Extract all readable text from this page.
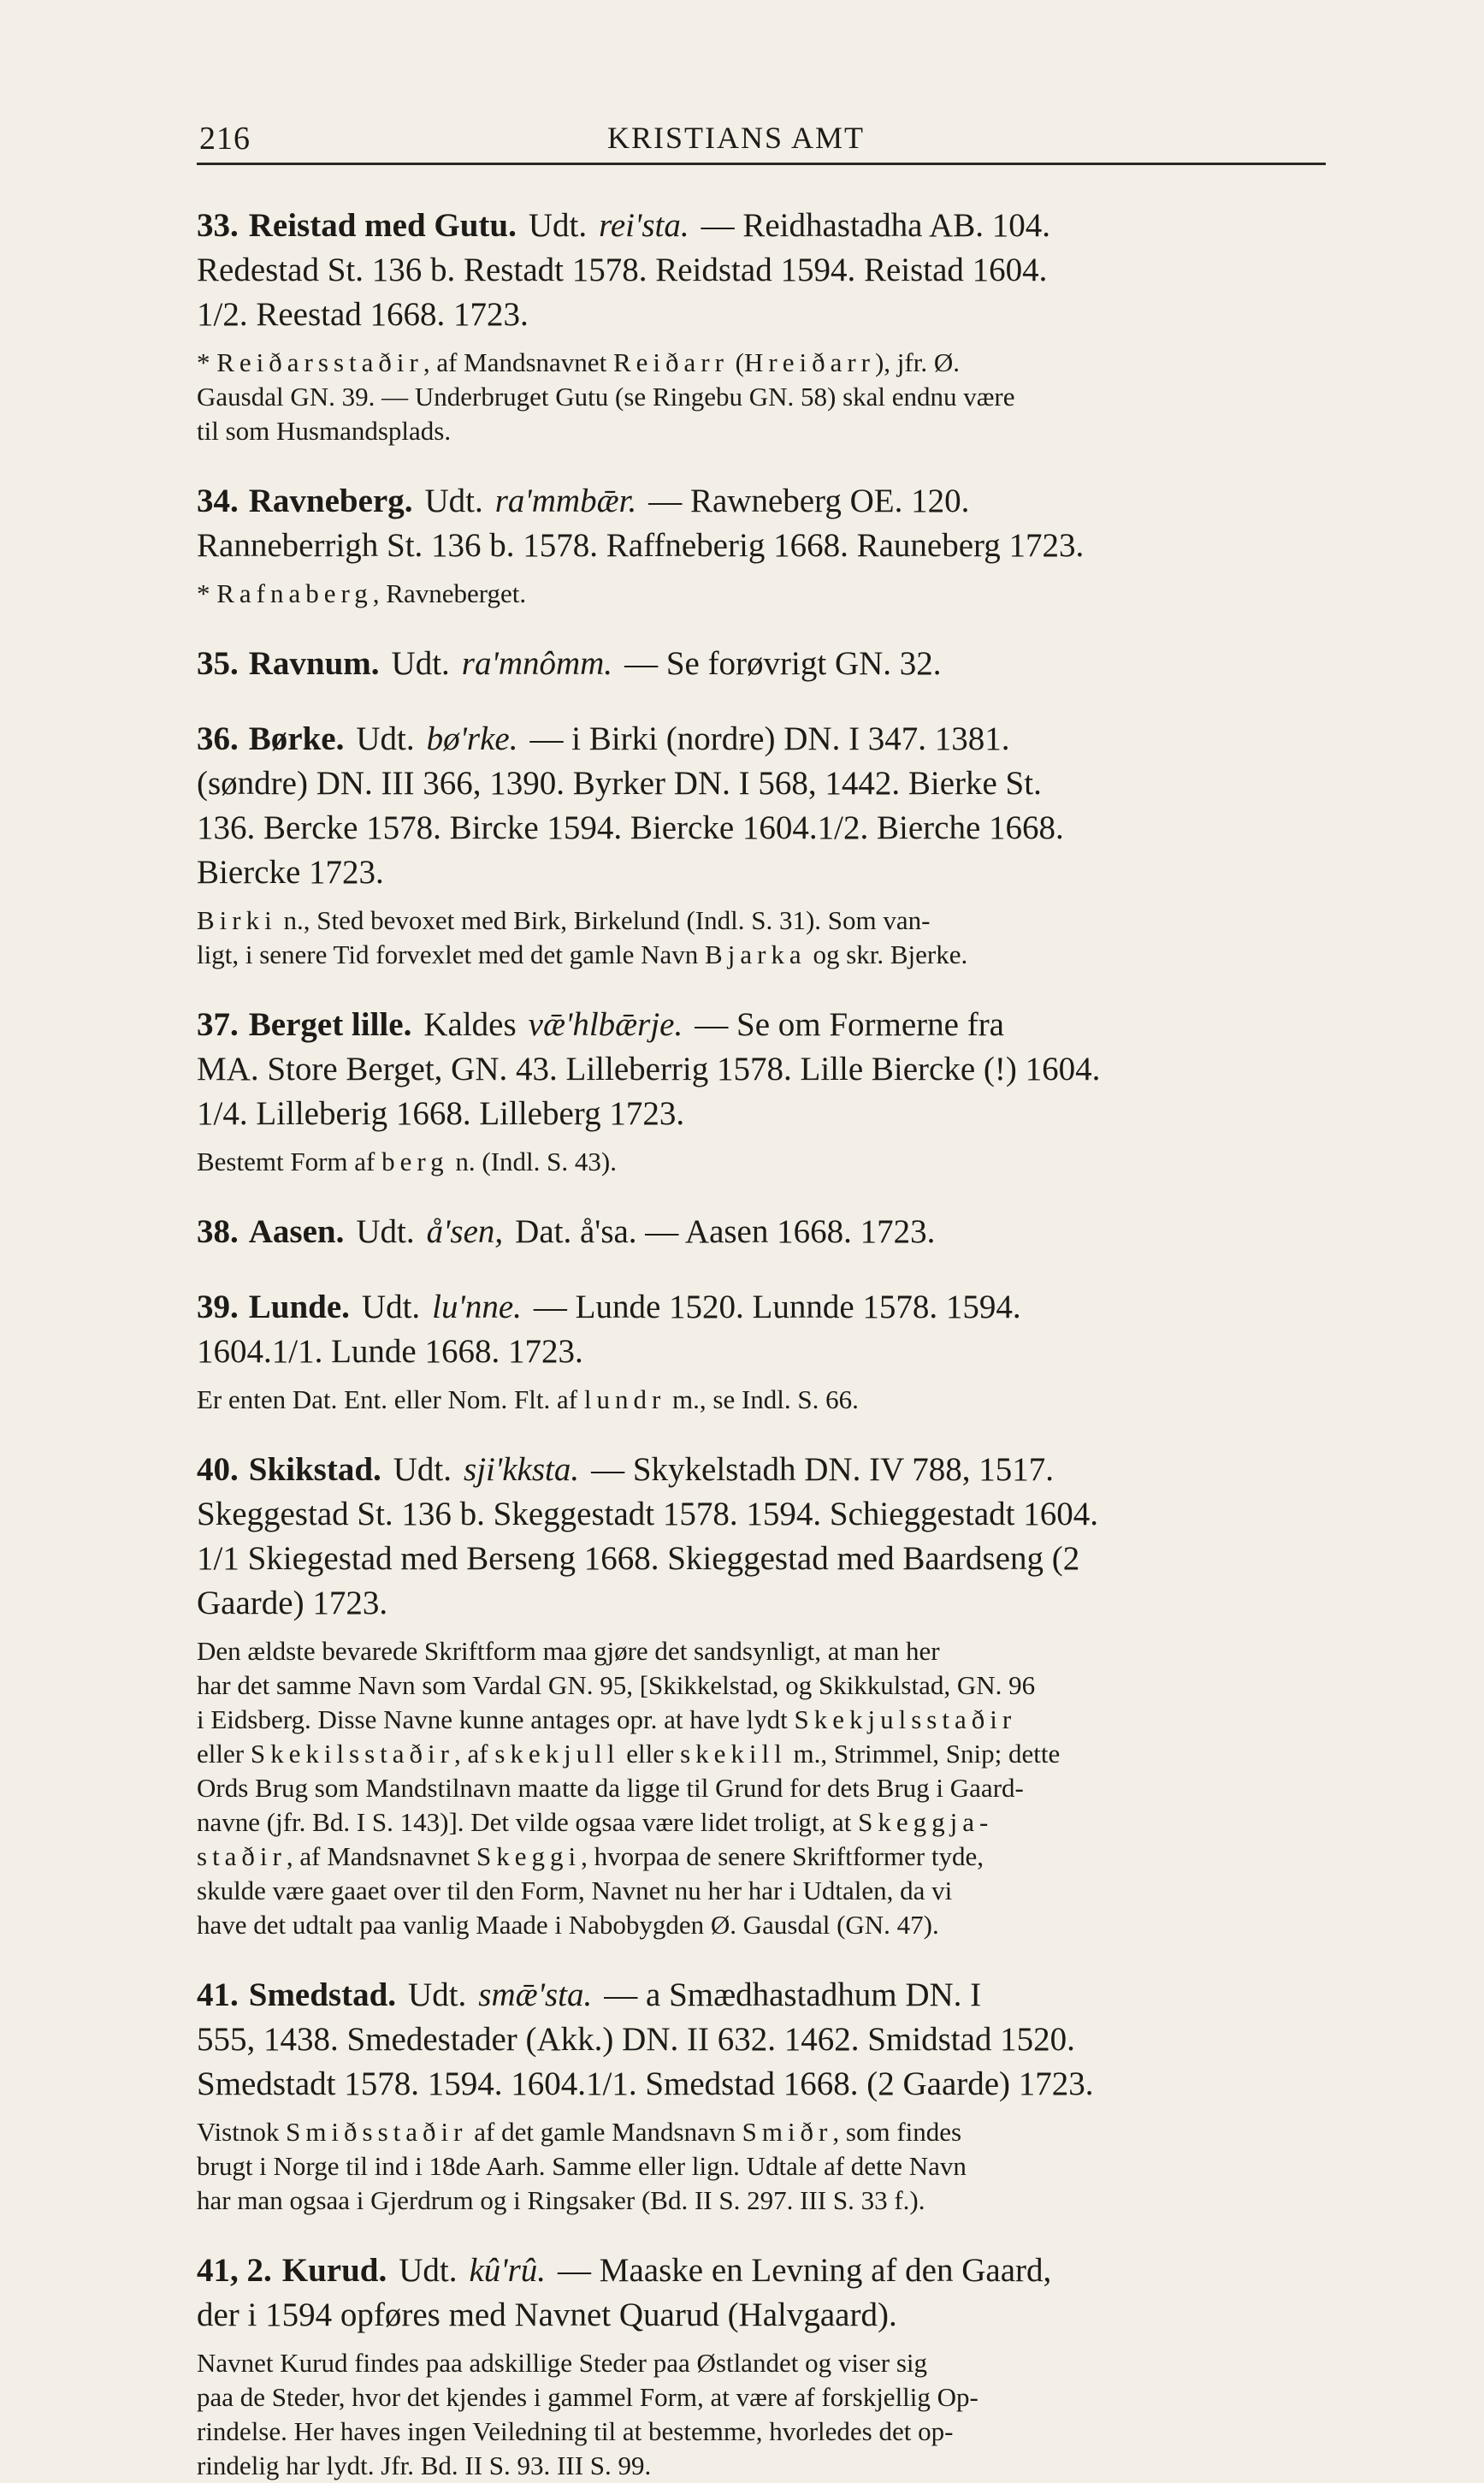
216	KRISTIANS AMT

33. Reistad med Gutu. Udt. rei'sta. — Reidhastadha AB. 104.
Redestad St. 136 b. Restadt 1578. Reidstad 1594. Reistad 1604.
1/2. Reestad 1668. 1723.

* Reiðarsstaðir, af Mandsnavnet Reiðarr (Hreiðarr), jfr. Ø.
Gausdal GN. 39. — Underbruget Gutu (se Ringebu GN. 58) skal endnu være
til som Husmandsplads.

34. Ravneberg. Udt. ra'mmbǣr. — Rawneberg OE. 120.
Ranneberrigh St. 136 b. 1578. Raffneberig 1668. Rauneberg 1723.

* Rafnaberg, Ravneberget.

35. Ravnum. Udt. ra'mnômm. — Se forøvrigt GN. 32.

36. Børke. Udt. bø'rke. — i Birki (nordre) DN. I 347. 1381.
(søndre) DN. III 366, 1390. Byrker DN. I 568, 1442. Bierke St.
136. Bercke 1578. Bircke 1594. Biercke 1604.1/2. Bierche 1668.
Biercke 1723.

Birki n., Sted bevoxet med Birk, Birkelund (Indl. S. 31). Som van-
ligt, i senere Tid forvexlet med det gamle Navn Bjarka og skr. Bjerke.

37. Berget lille. Kaldes vǣ'hlbǣrje. — Se om Formerne fra
MA. Store Berget, GN. 43. Lilleberrig 1578. Lille Biercke (!) 1604.
1/4. Lilleberig 1668. Lilleberg 1723.

Bestemt Form af berg n. (Indl. S. 43).

38. Aasen. Udt. å'sen, Dat. å'sa. — Aasen 1668. 1723.

39. Lunde. Udt. lu'nne. — Lunde 1520. Lunnde 1578. 1594.
1604.1/1. Lunde 1668. 1723.

Er enten Dat. Ent. eller Nom. Flt. af lundr m., se Indl. S. 66.

40. Skikstad. Udt. sji'kksta. — Skykelstadh DN. IV 788, 1517.
Skeggestad St. 136 b. Skeggestadt 1578. 1594. Schieggestadt 1604.
1/1 Skiegestad med Berseng 1668. Skieggestad med Baardseng (2
Gaarde) 1723.

Den ældste bevarede Skriftform maa gjøre det sandsynligt, at man her
har det samme Navn som Vardal GN. 95, [Skikkelstad, og Skikkulstad, GN. 96
i Eidsberg. Disse Navne kunne antages opr. at have lydt Skekjulsstaðir
eller Skekilsstaðir, af skekjull eller skekill m., Strimmel, Snip; dette
Ords Brug som Mandstilnavn maatte da ligge til Grund for dets Brug i Gaard-
navne (jfr. Bd. I S. 143)]. Det vilde ogsaa være lidet troligt, at Skeggja-
staðir, af Mandsnavnet Skeggi, hvorpaa de senere Skriftformer tyde,
skulde være gaaet over til den Form, Navnet nu her har i Udtalen, da vi
have det udtalt paa vanlig Maade i Nabobygden Ø. Gausdal (GN. 47).

41. Smedstad. Udt. smǣ'sta. — a Smædhastadhum DN. I
555, 1438. Smedestader (Akk.) DN. II 632. 1462. Smidstad 1520.
Smedstadt 1578. 1594. 1604.1/1. Smedstad 1668. (2 Gaarde) 1723.

Vistnok Smiðsstaðir af det gamle Mandsnavn Smiðr, som findes
brugt i Norge til ind i 18de Aarh. Samme eller lign. Udtale af dette Navn
har man ogsaa i Gjerdrum og i Ringsaker (Bd. II S. 297. III S. 33 f.).

41, 2. Kurud. Udt. kû'rû. — Maaske en Levning af den Gaard,
der i 1594 opføres med Navnet Quarud (Halvgaard).

Navnet Kurud findes paa adskillige Steder paa Østlandet og viser sig
paa de Steder, hvor det kjendes i gammel Form, at være af forskjellig Op-
rindelse. Her haves ingen Veiledning til at bestemme, hvorledes det op-
rindelig har lydt. Jfr. Bd. II S. 93. III S. 99.
